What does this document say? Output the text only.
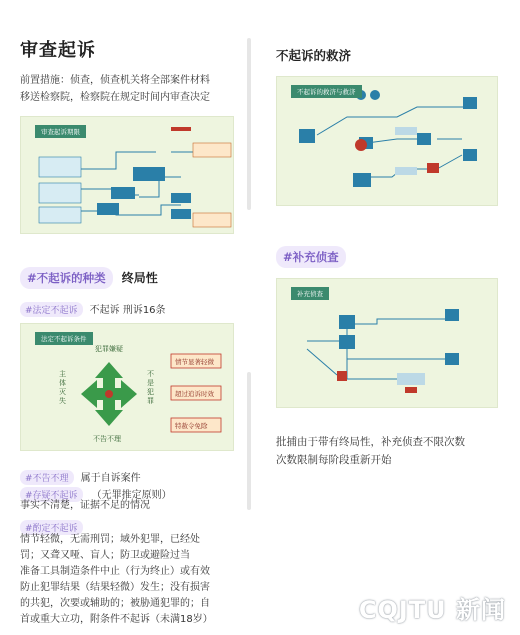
审查起诉
前置措施：侦查，侦查机关将全部案件材料
移送检察院，检察院在规定时间内审查决定
审查起诉期限
#不起诉的种类 终局性
#法定不起诉 不起诉 刑诉16条
法定不起诉条件
犯罪嫌疑
主体灭失
不是犯罪
不告不理
情节显著轻微
超过追诉时效
特赦令免除
#不告不理 属于自诉案件
#存疑不起诉 （无罪推定原则）
事实不清楚，证据不足的情况
#酌定不起诉
情节轻微，无需刑罚；域外犯罪，已经处
罚；又聋又哑、盲人；防卫或避险过当
准备工具制造条件中止（行为终止）或有效
防止犯罪结果（结果轻微）发生；没有损害
的共犯，次要或辅助的；被胁通犯罪的；自
首或重大立功，附条件不起诉（未满18岁）
不起诉的救济
不起诉的救济与救济
#补充侦查
补充侦查
批捕由于带有终局性，补充侦查不限次数
次数限制每阶段重新开始
CQJTU 新闻
